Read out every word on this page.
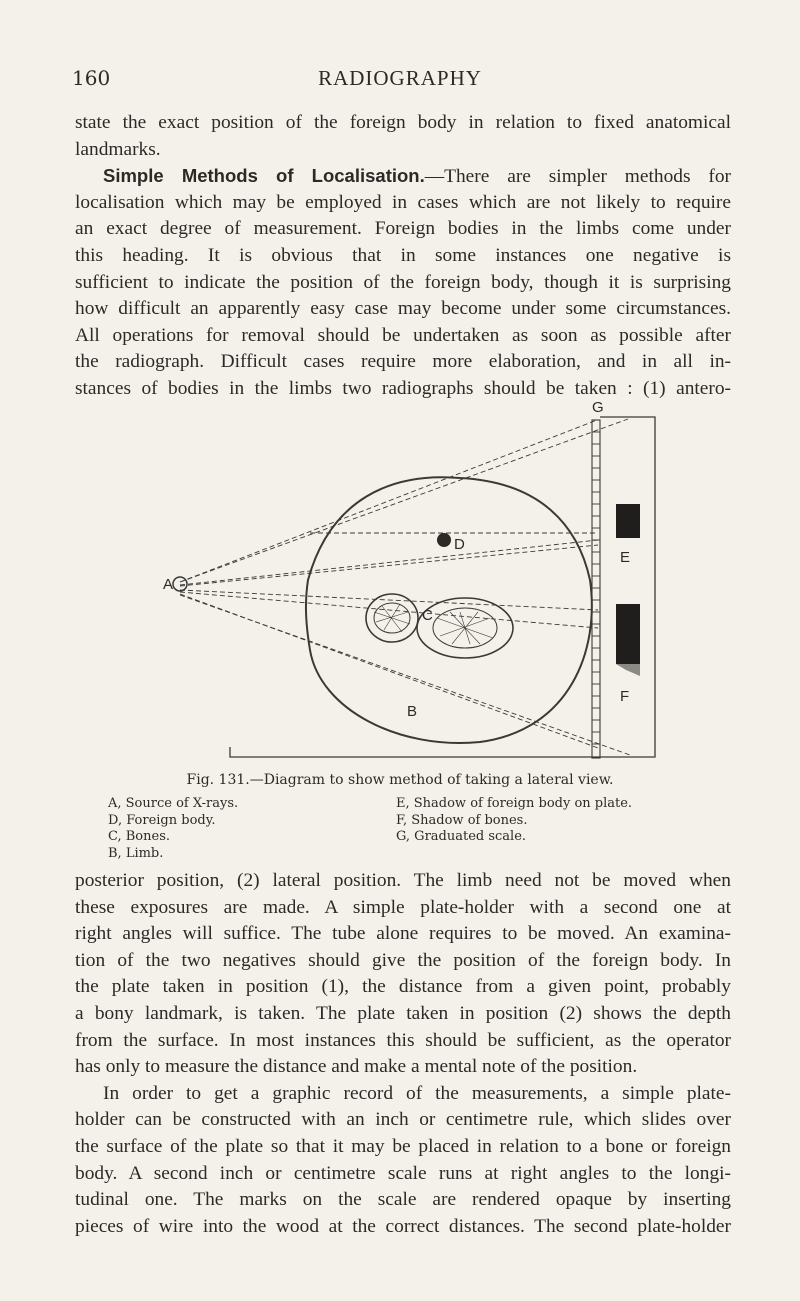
160	RADIOGRAPHY
state the exact position of the foreign body in relation to fixed anatomical
landmarks.
Simple Methods of Localisation.—There are simpler methods for
localisation which may be employed in cases which are not likely to require
an exact degree of measurement. Foreign bodies in the limbs come under
this heading. It is obvious that in some instances one negative is
sufficient to indicate the position of the foreign body, though it is surprising
how difficult an apparently easy case may become under some circumstances.
All operations for removal should be undertaken as soon as possible after
the radiograph. Difficult cases require more elaboration, and in all in-
stances of bodies in the limbs two radiographs should be taken : (1) antero-
A
B
C
D
E
F
G
Fig. 131.—Diagram to show method of taking a lateral view.
A, Source of X-rays.
D, Foreign body.
C, Bones.
B, Limb.
E, Shadow of foreign body on plate.
F, Shadow of bones.
G, Graduated scale.
posterior position, (2) lateral position. The limb need not be moved when
these exposures are made. A simple plate-holder with a second one at
right angles will suffice. The tube alone requires to be moved. An examina-
tion of the two negatives should give the position of the foreign body. In
the plate taken in position (1), the distance from a given point, probably
a bony landmark, is taken. The plate taken in position (2) shows the depth
from the surface. In most instances this should be sufficient, as the operator
has only to measure the distance and make a mental note of the position.
In order to get a graphic record of the measurements, a simple plate-
holder can be constructed with an inch or centimetre rule, which slides over
the surface of the plate so that it may be placed in relation to a bone or foreign
body. A second inch or centimetre scale runs at right angles to the longi-
tudinal one. The marks on the scale are rendered opaque by inserting
pieces of wire into the wood at the correct distances. The second plate-holder
